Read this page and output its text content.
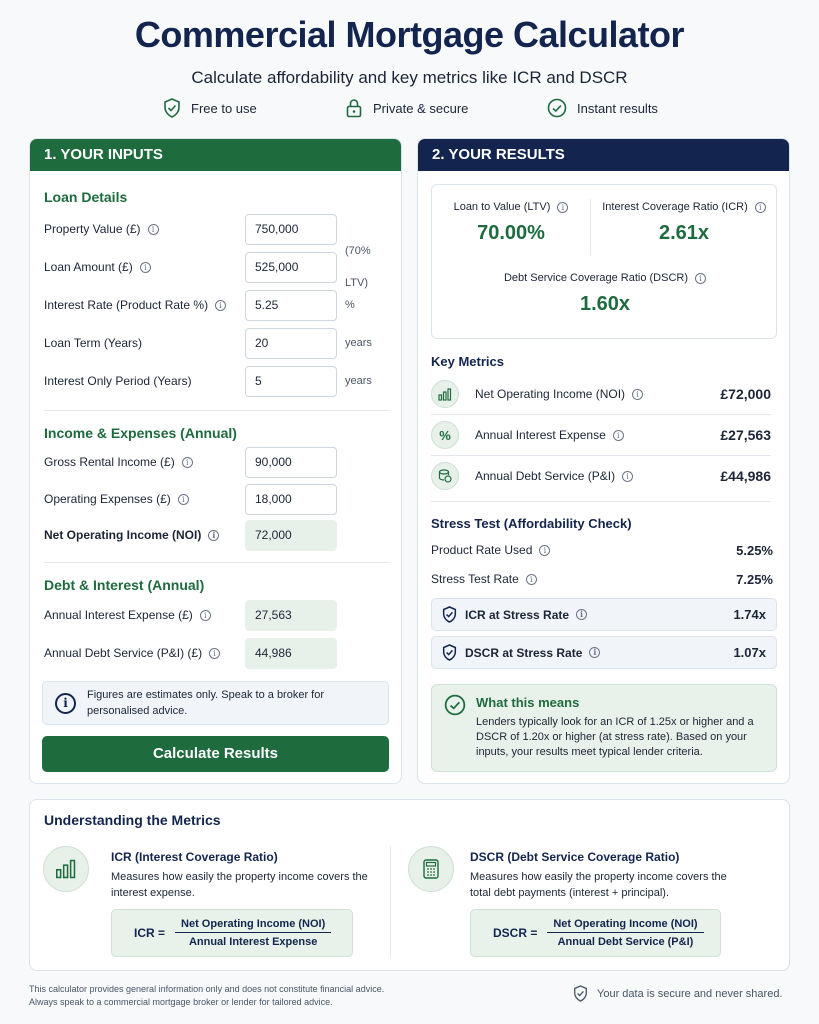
Commercial Mortgage Calculator
Calculate affordability and key metrics like ICR and DSCR
Free to use	Private & secure	Instant results
1. YOUR INPUTS
Loan Details
Property Value (£)	i	750,000
Loan Amount (£)	i	525,000
(70% LTV)
Interest Rate (Product Rate %)	i	5.25	%
Loan Term (Years)	20	years
Interest Only Period (Years)	5	years
Income & Expenses (Annual)
Gross Rental Income (£)	i	90,000
Operating Expenses (£)	i	18,000
Net Operating Income (NOI)	i	72,000
Debt & Interest (Annual)
Annual Interest Expense (£)	i	27,563
Annual Debt Service (P&I) (£)	i	44,986
i
Figures are estimates only. Speak to a broker for personalised advice.
Calculate Results
2. YOUR RESULTS
Loan to Value (LTV)	i
70.00%
Interest Coverage Ratio (ICR)	i
2.61x
Debt Service Coverage Ratio (DSCR)	i
1.60x
Key Metrics
Net Operating Income (NOI)	i	£72,000
%	Annual Interest Expense	i	£27,563
Annual Debt Service (P&I)	i	£44,986
Stress Test (Affordability Check)
Product Rate Used	i	5.25%
Stress Test Rate	i	7.25%
ICR at Stress Rate	i	1.74x
DSCR at Stress Rate	i	1.07x
What this means
Lenders typically look for an ICR of 1.25x or higher and a DSCR of 1.20x or higher (at stress rate). Based on your inputs, your results meet typical lender criteria.
Understanding the Metrics
ICR (Interest Coverage Ratio)
Measures how easily the property income covers the interest expense.
ICR = $\frac{\text{Net Operating Income (NOI)}}{\text{Annual Interest Expense}}$
DSCR (Debt Service Coverage Ratio)
Measures how easily the property income covers the total debt payments (interest + principal).
DSCR = $\frac{\text{Net Operating Income (NOI)}}{\text{Annual Debt Service (P\&I)}}$
This calculator provides general information only and does not constitute financial advice.
Always speak to a commercial mortgage broker or lender for tailored advice.
Your data is secure and never shared.
